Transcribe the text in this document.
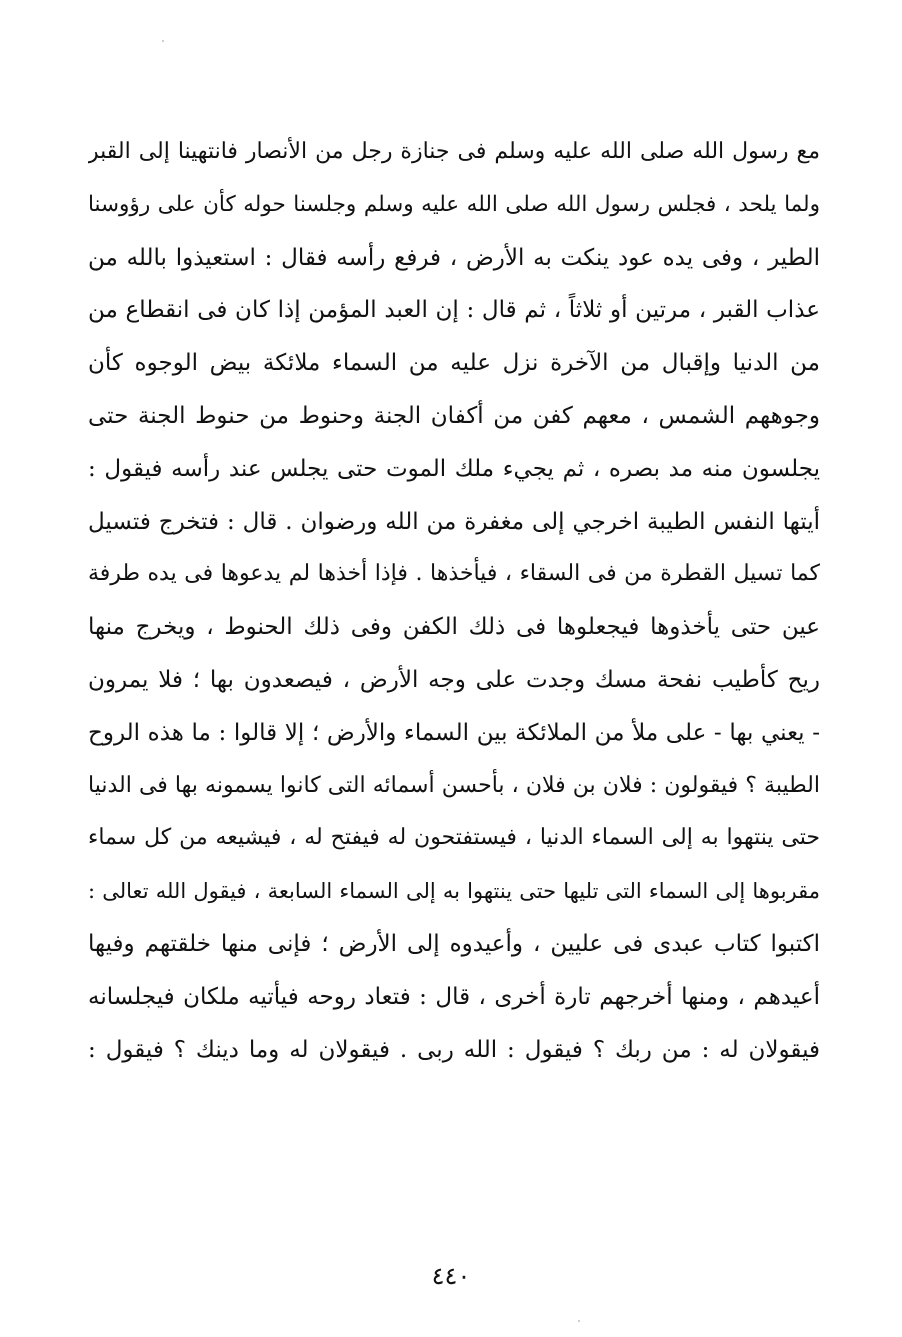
مع رسول الله صلى الله عليه وسلم فى جنازة رجل من الأنصار فانتهينا إلى القبر
ولما يلحد ، فجلس رسول الله صلى الله عليه وسلم وجلسنا حوله كأن على رؤوسنا
الطير ، وفى يده عود ينكت به الأرض ، فرفع رأسه فقال : استعيذوا بالله من
عذاب القبر ، مرتين أو ثلاثاً ، ثم قال : إن العبد المؤمن إذا كان فى انقطاع من
من الدنيا وإقبال من الآخرة نزل عليه من السماء ملائكة بيض الوجوه كأن
وجوههم الشمس ، معهم كفن من أكفان الجنة وحنوط من حنوط الجنة حتى
يجلسون منه مد بصره ، ثم يجيء ملك الموت حتى يجلس عند رأسه فيقول :
أيتها النفس الطيبة اخرجي إلى مغفرة من الله ورضوان . قال : فتخرج فتسيل
كما تسيل القطرة من فى السقاء ، فيأخذها . فإذا أخذها لم يدعوها فى يده طرفة
عين حتى يأخذوها فيجعلوها فى ذلك الكفن وفى ذلك الحنوط ، ويخرج منها
ريح كأطيب نفحة مسك وجدت على وجه الأرض ، فيصعدون بها ؛ فلا يمرون
- يعني بها - على ملأ من الملائكة بين السماء والأرض ؛ إلا قالوا : ما هذه الروح
الطيبة ؟ فيقولون : فلان بن فلان ، بأحسن أسمائه التى كانوا يسمونه بها فى الدنيا
حتى ينتهوا به إلى السماء الدنيا ، فيستفتحون له فيفتح له ، فيشيعه من كل سماء
مقربوها إلى السماء التى تليها حتى ينتهوا به إلى السماء السابعة ، فيقول الله تعالى :
اكتبوا كتاب عبدى فى عليين ، وأعيدوه إلى الأرض ؛ فإنى منها خلقتهم وفيها
أعيدهم ، ومنها أخرجهم تارة أخرى ، قال : فتعاد روحه فيأتيه ملكان فيجلسانه
فيقولان له : من ربك ؟ فيقول : الله ربى . فيقولان له وما دينك ؟ فيقول :
٤٤٠
